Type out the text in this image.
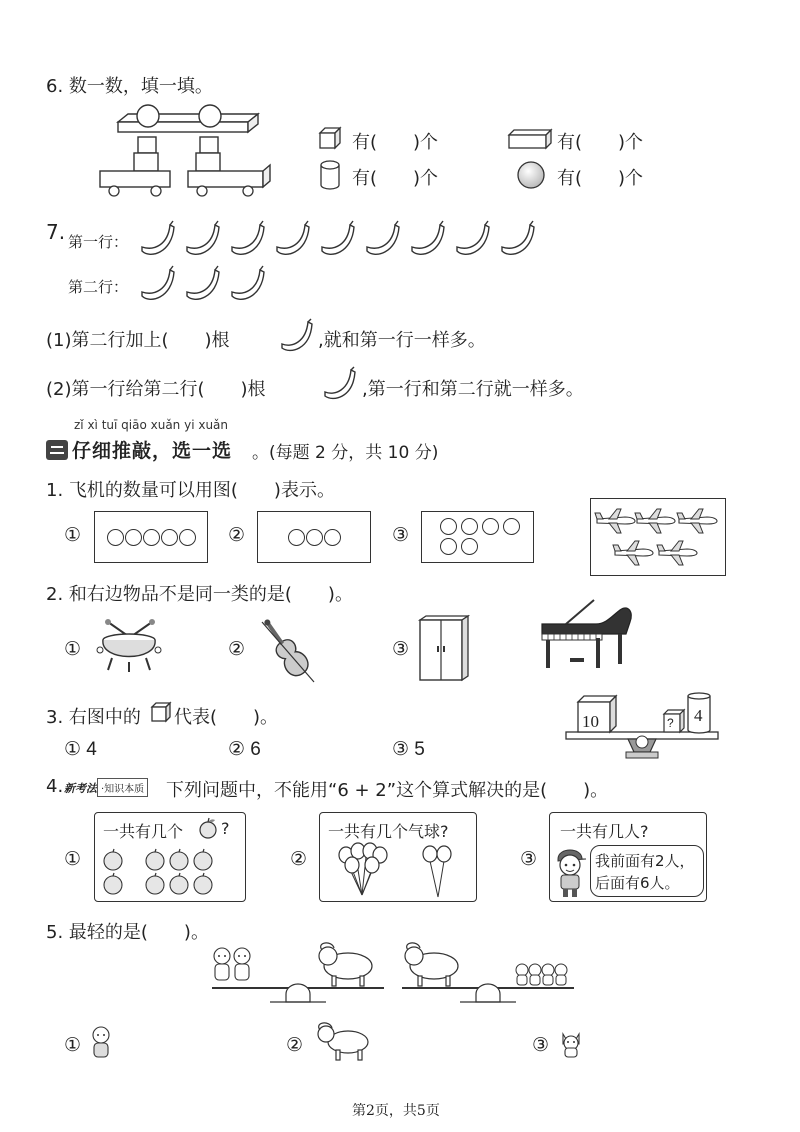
6. 数一数，填一填。
有(　　)个	有(　　)个
有(　　)个	有(　　)个
7. 第一行：
第二行：
(1)第二行加上(　　)根	,就和第一行一样多。
(2)第一行给第二行(　　)根	,第一行和第二行就一样多。
zǐ xì tuī qiāo xuǎn yi xuǎn
仔细推敲，选一选 。(每题 2 分，共 10 分)
1. 飞机的数量可以用图(　　)表示。
①	②	③
2. 和右边物品不是同一类的是(　　)。
①	②	③
3. 右图中的 代表(　　)。
① 4	② 6	③ 5
10	? 4
4. 新考法 ·知识本质 下列问题中，不能用“6 + 2”这个算式解决的是(　　)。
①
一共有几个 ?
②
一共有几个气球?
③
一共有几人?
我前面有2人，
后面有6人。
5. 最轻的是(　　)。
①	②	③
第2页，共5页
